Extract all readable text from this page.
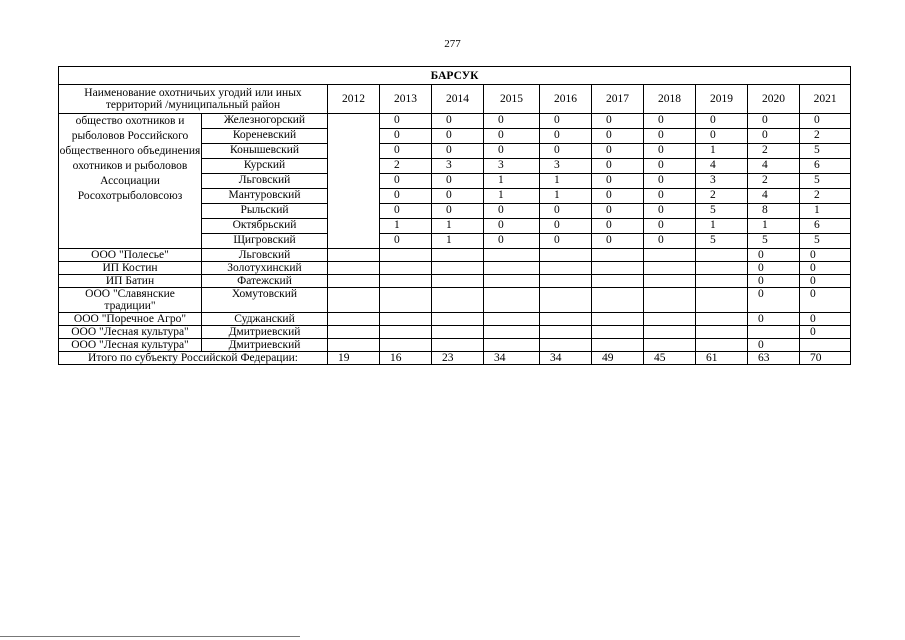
277
БАРСУК											
Наименование охотничьих угодий или иных территорий /муниципальный район		2012	2013	2014	2015	2016	2017	2018	2019	2020	2021

общество охотников и рыболовов Российского общественного объединения охотников и рыболовов Ассоциации Росохотрыболовсоюз	Железногорский		0	0	0	0	0	0	0	0	0
	Кореневский		0	0	0	0	0	0	0	0	2
	Конышевский		0	0	0	0	0	0	1	2	5
	Курский		2	3	3	3	0	0	4	4	6
	Льговский		0	0	1	1	0	0	3	2	5
	Мантуровский		0	0	1	1	0	0	2	4	2
	Рыльский		0	0	0	0	0	0	5	8	1
	Октябрьский		1	1	0	0	0	0	1	1	6
	Щигровский		0	1	0	0	0	0	5	5	5
ООО "Полесье"	Льговский									0	0
ИП Костин	Золотухинский									0	0
ИП Батин	Фатежский									0	0
ООО "Славянские традиции"	Хомутовский									0	0
ООО "Поречное Агро"	Суджанский									0	0
ООО "Лесная культура"	Дмитриевский										0
ООО "Лесная культура"	Дмитриевский									0	
Итого по субъекту Российской Федерации:		19	16	23	34	34	49	45	61	63	70
